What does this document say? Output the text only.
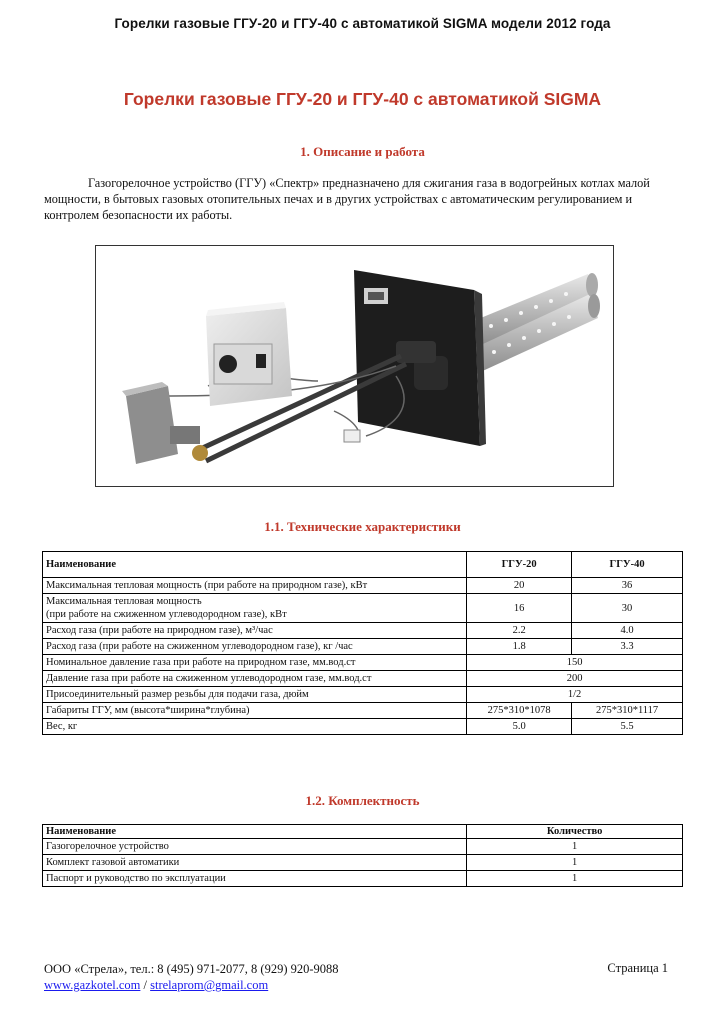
Горелки газовые ГГУ-20 и ГГУ-40 с автоматикой SIGMA модели 2012 года
Горелки газовые ГГУ-20 и ГГУ-40 с автоматикой SIGMA
1. Описание и работа
Газогорелочное устройство (ГГУ) «Спектр» предназначено для сжигания газа в водогрейных котлах малой мощности, в бытовых газовых отопительных печах и в других устройствах с автоматическим регулированием и контролем безопасности их работы.
1.1. Технические характеристики
Наименование	ГГУ-20	ГГУ-40
Максимальная тепловая мощность (при работе на природном газе), кВт	20	36

Максимальная тепловая мощность
(при работе на сжиженном углеводородном газе), кВт	16	30
Расход газа (при работе на природном газе), м³/час	2.2	4.0
Расход газа (при работе на сжиженном углеводородном газе), кг /час	1.8	3.3
Номинальное давление газа при работе на природном газе, мм.вод.ст	150	
Давление газа при работе на сжиженном углеводородном газе, мм.вод.ст	200	
Присоединительный размер резьбы для подачи газа, дюйм	1/2	
Габариты ГГУ, мм (высота*ширина*глубина)	275*310*1078	275*310*1117
Вес, кг	5.0	5.5
1.2. Комплектность
Наименование	Количество
Газогорелочное устройство	1
Комплект газовой автоматики	1
Паспорт и руководство по эксплуатации	1
ООО «Стрела», тел.: 8 (495) 971-2077, 8 (929) 920-9088
www.gazkotel.com / strelaprom@gmail.com
Страница 1
